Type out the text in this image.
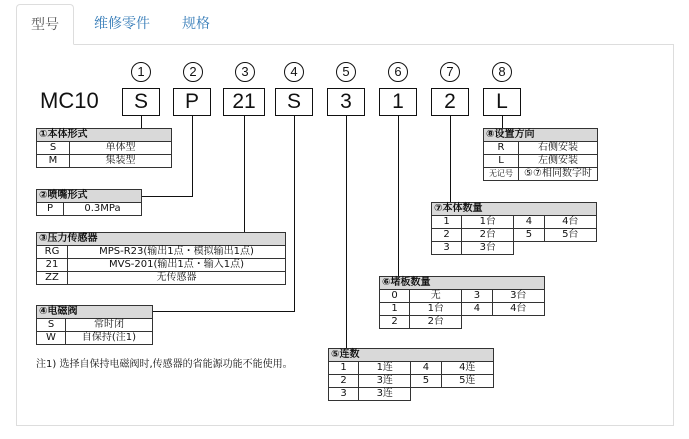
型号	维修零件	规格
MC10
1	2	3	4	5	6	7	8
S	P	21	S	3	1	2	L
①本体形式	
S	单体型
M	集装型
②喷嘴形式
P	0.3MPa
③压力传感器	
RG	MPS-R23(输出1点・模拟输出1点)
21	MVS-201(输出1点・输入1点)
ZZ	无传感器
④电磁阀	
S	常时闭
W	自保持(注1)
注1) 选择自保持电磁阀时,传感器的省能源功能不能使用。
⑤连数			
1	1连	4	4连
2	3连	5	5连
3	3连		
⑥堵板数量			
0	无	3	3台
1	1台	4	4台
2	2台		
⑦本体数量			
1	1台	4	4台
2	2台	5	5台
3	3台		
⑧设置方向	
R	右侧安装
L	左侧安装
无记号	⑤⑦相同数字时
